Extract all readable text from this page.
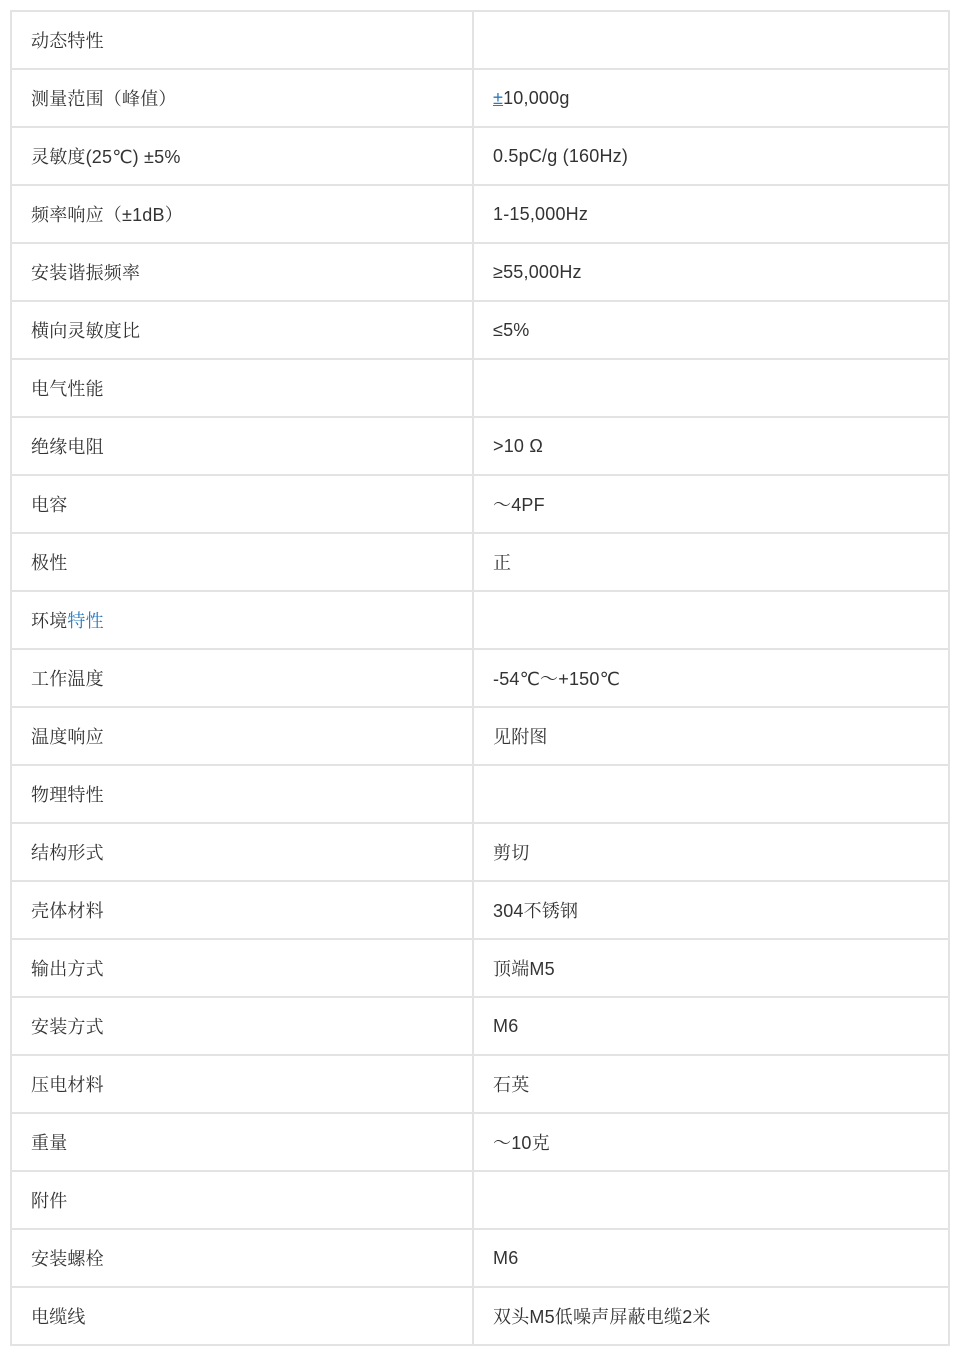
动态特性	
测量范围（峰值）	±10,000g
灵敏度(25℃) ±5%	0.5pC/g (160Hz)
频率响应（±1dB）	1-15,000Hz
安装谐振频率	≥55,000Hz
横向灵敏度比	≤5%
电气性能	
绝缘电阻	>10 Ω
电容	～4PF
极性	正
环境特性	
工作温度	-54℃～+150℃
温度响应	见附图
物理特性	
结构形式	剪切
壳体材料	304不锈钢
输出方式	顶端M5
安装方式	M6
压电材料	石英
重量	～10克
附件	
安装螺栓	M6
电缆线	双头M5低噪声屏蔽电缆2米
